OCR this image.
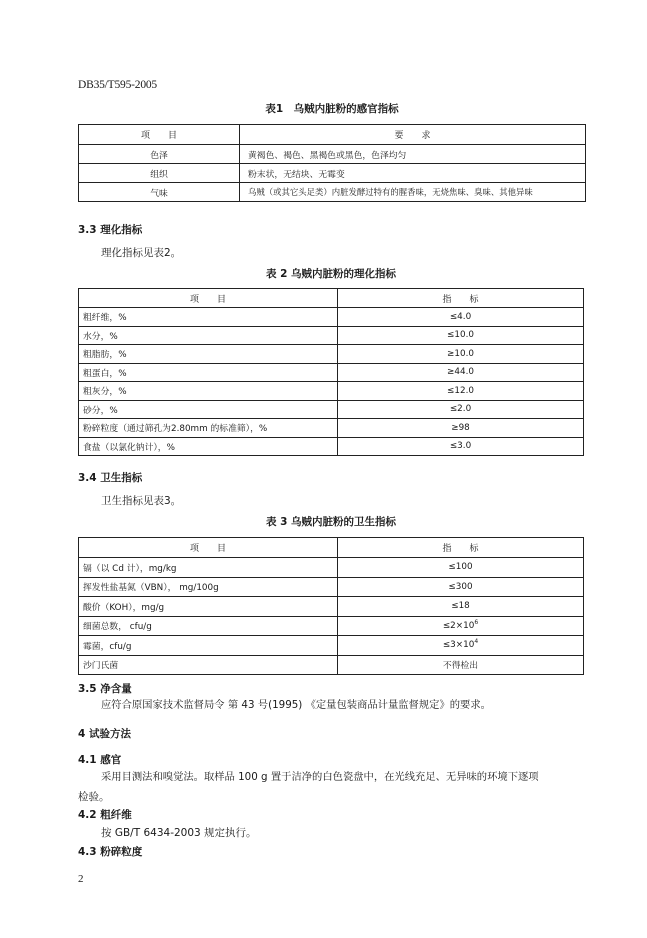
DB35/T595-2005
表1　乌贼内脏粉的感官指标
项　　目	要　　求
色泽	黄褐色、褐色、黑褐色或黑色，色泽均匀
组织	粉末状，无结块、无霉变
气味	乌贼（或其它头足类）内脏发酵过特有的腥香味，无烧焦味、臭味、其他异味
3.3 理化指标
理化指标见表2。
表 2 乌贼内脏粉的理化指标
项　　目	指　　标
粗纤维，%	≤4.0
水分，%	≤10.0
粗脂肪，%	≥10.0
粗蛋白，%	≥44.0
粗灰分，%	≤12.0
砂分，%	≤2.0
粉碎粒度（通过筛孔为2.80mm 的标准筛），%	≥98
食盐（以氯化钠计），%	≤3.0
3.4 卫生指标
卫生指标见表3。
表 3 乌贼内脏粉的卫生指标
项　　目	指　　标
镉（以 Cd 计），mg/kg	≤100
挥发性盐基氮（VBN）， mg/100g	≤300
酸价（KOH），mg/g	≤18
细菌总数， cfu/g	$\le 2\times 10^6$
霉菌，cfu/g	$\le 3\times 10^4$
沙门氏菌	不得检出
3.5 净含量
应符合原国家技术监督局令 第 43 号(1995) 《定量包装商品计量监督规定》的要求。
4 试验方法
4.1 感官
采用目测法和嗅觉法。取样品 100 g 置于洁净的白色瓷盘中，在光线充足、无异味的环境下逐项
检验。
4.2 粗纤维
按 GB/T 6434-2003 规定执行。
4.3 粉碎粒度
2
